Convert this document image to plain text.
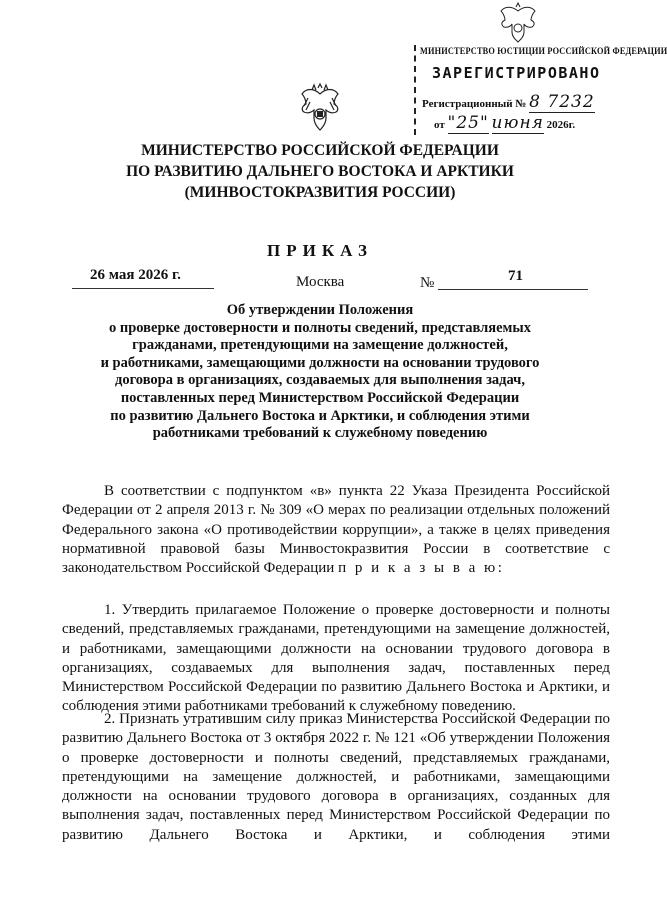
МИНИСТЕРСТВО ЮСТИЦИИ РОССИЙСКОЙ ФЕДЕРАЦИИ
ЗАРЕГИСТРИРОВАНО
Регистрационный № 8 7232
от "25" июня 2026г.
МИНИСТЕРСТВО РОССИЙСКОЙ ФЕДЕРАЦИИ
ПО РАЗВИТИЮ ДАЛЬНЕГО ВОСТОКА И АРКТИКИ
(МИНВОСТОКРАЗВИТИЯ РОССИИ)
ПРИКАЗ
26 мая 2026 г.	Москва	№	71
Об утверждении Положения
о проверке достоверности и полноты сведений, представляемых
гражданами, претендующими на замещение должностей,
и работниками, замещающими должности на основании трудового
договора в организациях, создаваемых для выполнения задач,
поставленных перед Министерством Российской Федерации
по развитию Дальнего Востока и Арктики, и соблюдения этими
работниками требований к служебному поведению
В соответствии с подпунктом «в» пункта 22 Указа Президента Российской Федерации от 2 апреля 2013 г. № 309 «О мерах по реализации отдельных положений Федерального закона «О противодействии коррупции», а также в целях приведения нормативной правовой базы Минвостокразвития России в соответствие с законодательством Российской Федерации п р и к а з ы в а ю:
1. Утвердить прилагаемое Положение о проверке достоверности и полноты сведений, представляемых гражданами, претендующими на замещение должностей, и работниками, замещающими должности на основании трудового договора в организациях, создаваемых для выполнения задач, поставленных перед Министерством Российской Федерации по развитию Дальнего Востока и Арктики, и соблюдения этими работниками требований к служебному поведению.
2. Признать утратившим силу приказ Министерства Российской Федерации по развитию Дальнего Востока от 3 октября 2022 г. № 121 «Об утверждении Положения о проверке достоверности и полноты сведений, представляемых гражданами, претендующими на замещение должностей, и работниками, замещающими должности на основании трудового договора в организациях, созданных для выполнения задач, поставленных перед Министерством Российской Федерации по развитию Дальнего Востока и Арктики, и соблюдения этими
